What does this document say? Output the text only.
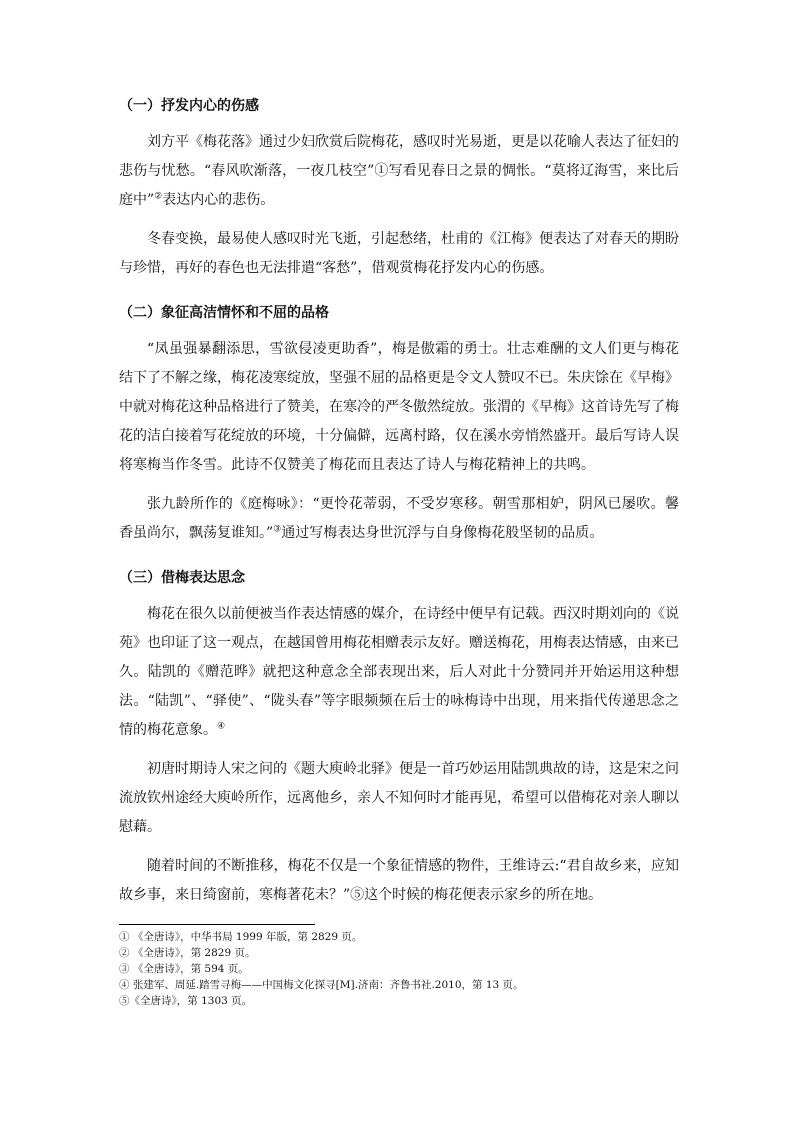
（一）抒发内心的伤感

刘方平《梅花落》通过少妇欣赏后院梅花，感叹时光易逝，更是以花喻人表达了征妇的悲伤与忧愁。“春风吹渐落，一夜几枝空”①写看见春日之景的惆怅。“莫将辽海雪，来比后庭中”②表达内心的悲伤。

冬春变换，最易使人感叹时光飞逝，引起愁绪，杜甫的《江梅》便表达了对春天的期盼与珍惜，再好的春色也无法排遣“客愁”，借观赏梅花抒发内心的伤感。

（二）象征高洁情怀和不屈的品格

“凤虽强暴翻添思，雪欲侵凌更助香”，梅是傲霜的勇士。壮志难酬的文人们更与梅花结下了不解之缘，梅花凌寒绽放，坚强不屈的品格更是令文人赞叹不已。朱庆馀在《早梅》中就对梅花这种品格进行了赞美，在寒冷的严冬傲然绽放。张渭的《早梅》这首诗先写了梅花的洁白接着写花绽放的环境，十分偏僻，远离村路，仅在溪水旁悄然盛开。最后写诗人误将寒梅当作冬雪。此诗不仅赞美了梅花而且表达了诗人与梅花精神上的共鸣。

张九龄所作的《庭梅咏》：“更怜花蒂弱，不受岁寒移。朝雪那相妒，阴风已屡吹。馨香虽尚尔，飘荡复谁知。”③通过写梅表达身世沉浮与自身像梅花般坚韧的品质。

（三）借梅表达思念

梅花在很久以前便被当作表达情感的媒介，在诗经中便早有记载。西汉时期刘向的《说苑》也印证了这一观点，在越国曾用梅花相赠表示友好。赠送梅花，用梅表达情感，由来已久。陆凯的《赠范晔》就把这种意念全部表现出来，后人对此十分赞同并开始运用这种想法。“陆凯”、“驿使”、“陇头春”等字眼频频在后士的咏梅诗中出现，用来指代传递思念之情的梅花意象。④

初唐时期诗人宋之问的《题大庾岭北驿》便是一首巧妙运用陆凯典故的诗，这是宋之问流放钦州途经大庾岭所作，远离他乡，亲人不知何时才能再见，希望可以借梅花对亲人聊以慰藉。

随着时间的不断推移，梅花不仅是一个象征情感的物件，王维诗云:“君自故乡来，应知故乡事，来日绮窗前，寒梅著花未？”⑤这个时候的梅花便表示家乡的所在地。

① 《全唐诗》，中华书局 1999 年版，第 2829 页。

② 《全唐诗》，第 2829 页。

③ 《全唐诗》，第 594 页。

④ 张建军、周延.踏雪寻梅——中国梅文化探寻[M].济南：齐鲁书社.2010，第 13 页。

⑤《全唐诗》，第 1303 页。
